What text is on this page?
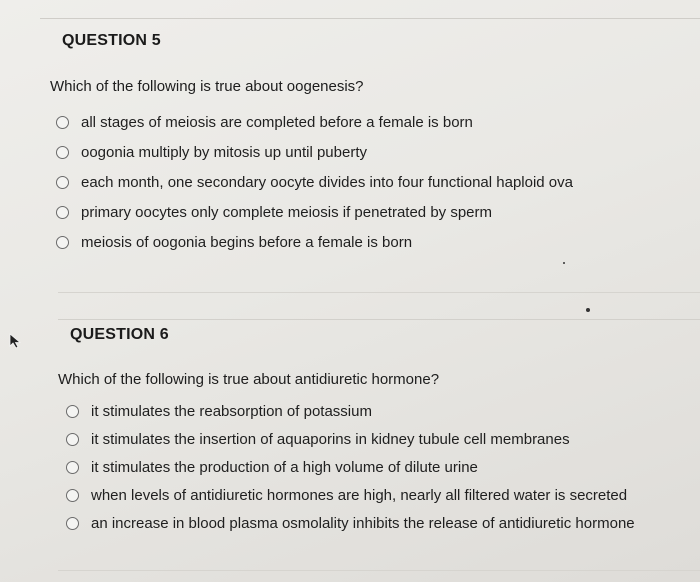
QUESTION 5
Which of the following is true about oogenesis?
all stages of meiosis are completed before a female is born
oogonia multiply by mitosis up until puberty
each month, one secondary oocyte divides into four functional haploid ova
primary oocytes only complete meiosis if penetrated by sperm
meiosis of oogonia begins before a female is born
QUESTION 6
Which of the following is true about antidiuretic hormone?
it stimulates the reabsorption of potassium
it stimulates the insertion of aquaporins in kidney tubule cell membranes
it stimulates the production of a high volume of dilute urine
when levels of antidiuretic hormones are high, nearly all filtered water is secreted
an increase in blood plasma osmolality inhibits the release of antidiuretic hormone
